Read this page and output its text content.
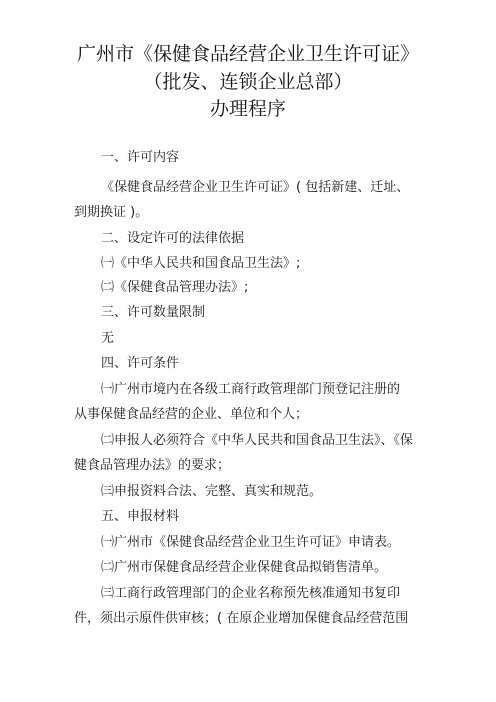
广州市《保健食品经营企业卫生许可证》
（批发、连锁企业总部）
办理程序
一、许可内容
《保健食品经营企业卫生许可证》( 包括新建、迁址、
到期换证 )。
二、设定许可的法律依据
㈠《中华人民共和国食品卫生法》;
㈡《保健食品管理办法》;
三、许可数量限制
无
四、许可条件
㈠广州市境内在各级工商行政管理部门预登记注册的
从事保健食品经营的企业、单位和个人；
㈡申报人必须符合《中华人民共和国食品卫生法》、《保
健食品管理办法》的要求；
㈢申报资料合法、完整、真实和规范。
五、申报材料
㈠广州市《保健食品经营企业卫生许可证》申请表。
㈡广州市保健食品经营企业保健食品拟销售清单。
㈢工商行政管理部门的企业名称预先核准通知书复印
件，须出示原件供审核；( 在原企业增加保健食品经营范围
